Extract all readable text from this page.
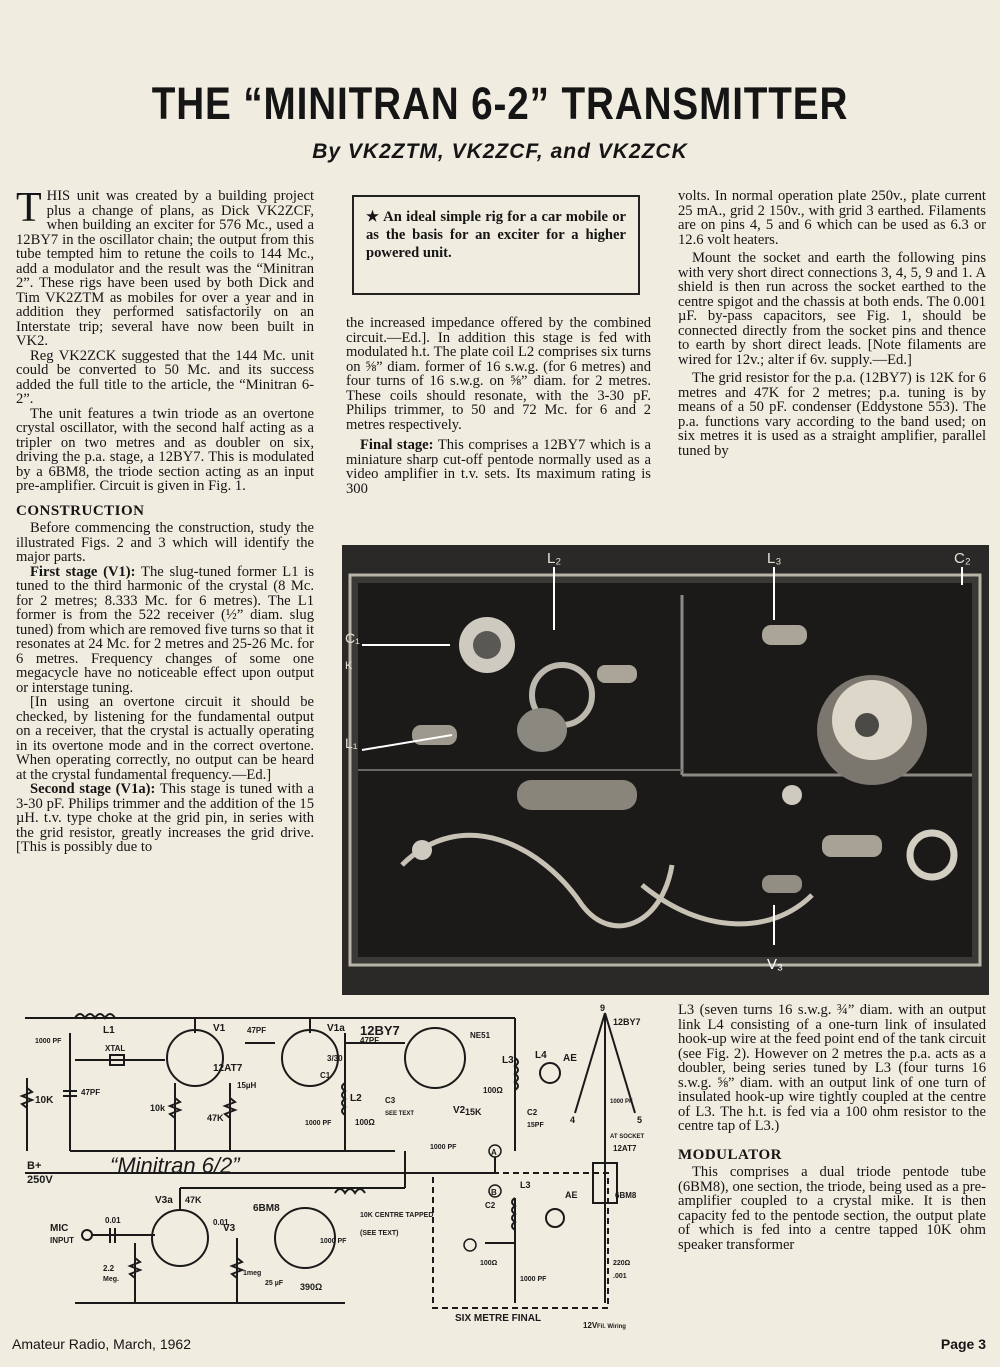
THE “MINITRAN 6-2” TRANSMITTER
By VK2ZTM, VK2ZCF, and VK2ZCK

THIS unit was created by a building project plus a change of plans, as Dick VK2ZCF, when building an exciter for 576 Mc., used a 12BY7 in the oscillator chain; the output from this tube tempted him to retune the coils to 144 Mc., add a modulator and the result was the “Minitran 2”. These rigs have been used by both Dick and Tim VK2ZTM as mobiles for over a year and in addition they performed satisfactorily on an Interstate trip; several have now been built in VK2.

Reg VK2ZCK suggested that the 144 Mc. unit could be converted to 50 Mc. and its success added the full title to the article, the “Minitran 6-2”.

The unit features a twin triode as an overtone crystal oscillator, with the second half acting as a tripler on two metres and as doubler on six, driving the p.a. stage, a 12BY7. This is modulated by a 6BM8, the triode section acting as an input pre-amplifier. Circuit is given in Fig. 1.

CONSTRUCTION

Before commencing the construction, study the illustrated Figs. 2 and 3 which will identify the major parts.

First stage (V1): The slug-tuned former L1 is tuned to the third harmonic of the crystal (8 Mc. for 2 metres; 8.333 Mc. for 6 metres). The L1 former is from the 522 receiver (½” diam. slug tuned) from which are removed five turns so that it resonates at 24 Mc. for 2 metres and 25-26 Mc. for 6 metres. Frequency changes of some one megacycle have no noticeable effect upon output or interstage tuning.

[In using an overtone circuit it should be checked, by listening for the fundamental output on a receiver, that the crystal is actually operating in its overtone mode and in the correct overtone. When operating correctly, no output can be heard at the crystal fundamental frequency.—Ed.]

Second stage (V1a): This stage is tuned with a 3-30 pF. Philips trimmer and the addition of the 15 µH. t.v. type choke at the grid pin, in series with the grid resistor, greatly increases the grid drive. [This is possibly due to

★ An ideal simple rig for a car mobile or as the basis for an exciter for a higher powered unit.

the increased impedance offered by the combined circuit.—Ed.]. In addition this stage is fed with modulated h.t. The plate coil L2 comprises six turns on ⅝” diam. former of 16 s.w.g. (for 6 metres) and four turns of 16 s.w.g. on ⅝” diam. for 2 metres. These coils should resonate, with the 3-30 pF. Philips trimmer, to 50 and 72 Mc. for 6 and 2 metres respectively.

Final stage: This comprises a 12BY7 which is a miniature sharp cut-off pentode normally used as a video amplifier in t.v. sets. Its maximum rating is 300

volts. In normal operation plate 250v., plate current 25 mA., grid 2 150v., with grid 3 earthed. Filaments are on pins 4, 5 and 6 which can be used as 6.3 or 12.6 volt heaters.

Mount the socket and earth the following pins with very short direct connections 3, 4, 5, 9 and 1. A shield is then run across the socket earthed to the centre spigot and the chassis at both ends. The 0.001 µF. by-pass capacitors, see Fig. 1, should be connected directly from the socket pins and thence to earth by short direct leads. [Note filaments are wired for 12v.; alter if 6v. supply.—Ed.]

The grid resistor for the p.a. (12BY7) is 12K for 6 metres and 47K for 2 metres; p.a. tuning is by means of a 50 pF. condenser (Eddystone 553). The p.a. functions vary according to the band used; on six metres it is used as a straight amplifier, parallel tuned by

L₂	L₃	C₂
C₁
L₁
V₃
K
L1	V1	V1a
V2
V3
V3a
12AT7
12BY7
12BY7
6BM8
6BM8
12AT7
XTAL
1000 PF
47PF
10K
10k
47K
47K
15K
15µH
47PF
3/30
C1
L2
1000 PF	100Ω
47PF
C3
SEE TEXT
1000 PF
NE51
L3 L4 AE
C2
15PF
100Ω
B+
250V
MIC
INPUT
0.01	0.01
2.2
Meg.
1meg
10K CENTRE TAPPED
(SEE TEXT)
390Ω
25 µF
1000 PF
12V Fil. Wiring
SIX METRE FINAL
AE
L3
C2
A
B
100Ω
1000 PF
9
4	5
1000 PF
AT SOCKET
220Ω
.001
“Minitran 6/2”

L3 (seven turns 16 s.w.g. ¾” diam. with an output link L4 consisting of a one-turn link of insulated hook-up wire at the feed point end of the tank circuit (see Fig. 2). However on 2 metres the p.a. acts as a doubler, being series tuned by L3 (four turns 16 s.w.g. ⅝” diam. with an output link of one turn of insulated hook-up wire tightly coupled at the centre of L3. The h.t. is fed via a 100 ohm resistor to the centre tap of L3.)

MODULATOR

This comprises a dual triode pentode tube (6BM8), one section, the triode, being used as a pre-amplifier coupled to a crystal mike. It is then capacity fed to the pentode section, the output plate of which is fed into a centre tapped 10K ohm speaker transformer

Amateur Radio, March, 1962	Page 3
